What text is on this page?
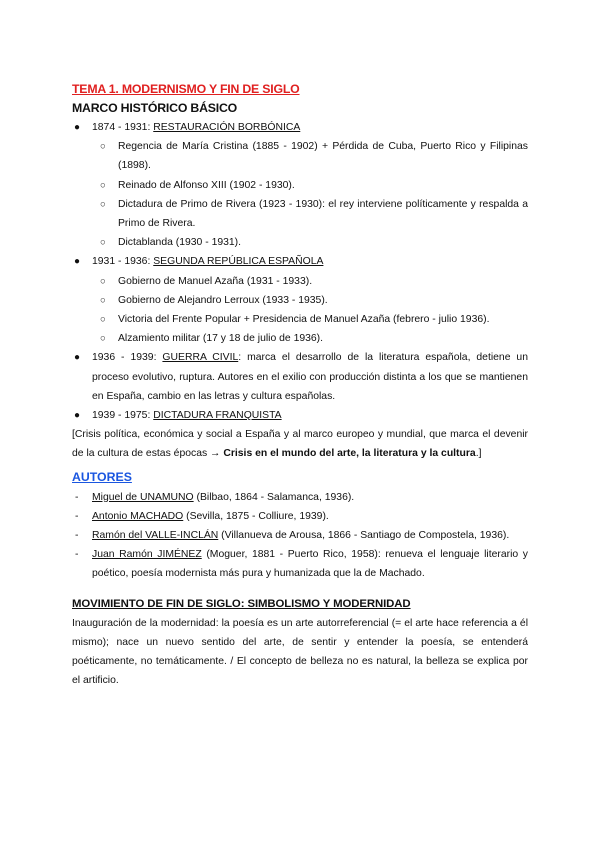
TEMA 1. MODERNISMO Y FIN DE SIGLO
MARCO HISTÓRICO BÁSICO
● 1874 - 1931: RESTAURACIÓN BORBÓNICA
○ Regencia de María Cristina (1885 - 1902) + Pérdida de Cuba, Puerto Rico y Filipinas (1898).
○ Reinado de Alfonso XIII (1902 - 1930).
○ Dictadura de Primo de Rivera (1923 - 1930): el rey interviene políticamente y respalda a Primo de Rivera.
○ Dictablanda (1930 - 1931).
● 1931 - 1936: SEGUNDA REPÚBLICA ESPAÑOLA
○ Gobierno de Manuel Azaña (1931 - 1933).
○ Gobierno de Alejandro Lerroux (1933 - 1935).
○ Victoria del Frente Popular + Presidencia de Manuel Azaña (febrero - julio 1936).
○ Alzamiento militar (17 y 18 de julio de 1936).
● 1936 - 1939: GUERRA CIVIL: marca el desarrollo de la literatura española, detiene un proceso evolutivo, ruptura. Autores en el exilio con producción distinta a los que se mantienen en España, cambio en las letras y cultura españolas.
● 1939 - 1975: DICTADURA FRANQUISTA
[Crisis política, económica y social a España y al marco europeo y mundial, que marca el devenir de la cultura de estas épocas → Crisis en el mundo del arte, la literatura y la cultura.]
AUTORES
- Miguel de UNAMUNO (Bilbao, 1864 - Salamanca, 1936).
- Antonio MACHADO (Sevilla, 1875 - Colliure, 1939).
- Ramón del VALLE-INCLÁN (Villanueva de Arousa, 1866 - Santiago de Compostela, 1936).
- Juan Ramón JIMÉNEZ (Moguer, 1881 - Puerto Rico, 1958): renueva el lenguaje literario y poético, poesía modernista más pura y humanizada que la de Machado.
MOVIMIENTO DE FIN DE SIGLO: SIMBOLISMO Y MODERNIDAD
Inauguración de la modernidad: la poesía es un arte autorreferencial (= el arte hace referencia a él mismo); nace un nuevo sentido del arte, de sentir y entender la poesía, se entenderá poéticamente, no temáticamente. / El concepto de belleza no es natural, la belleza se explica por el artificio.
